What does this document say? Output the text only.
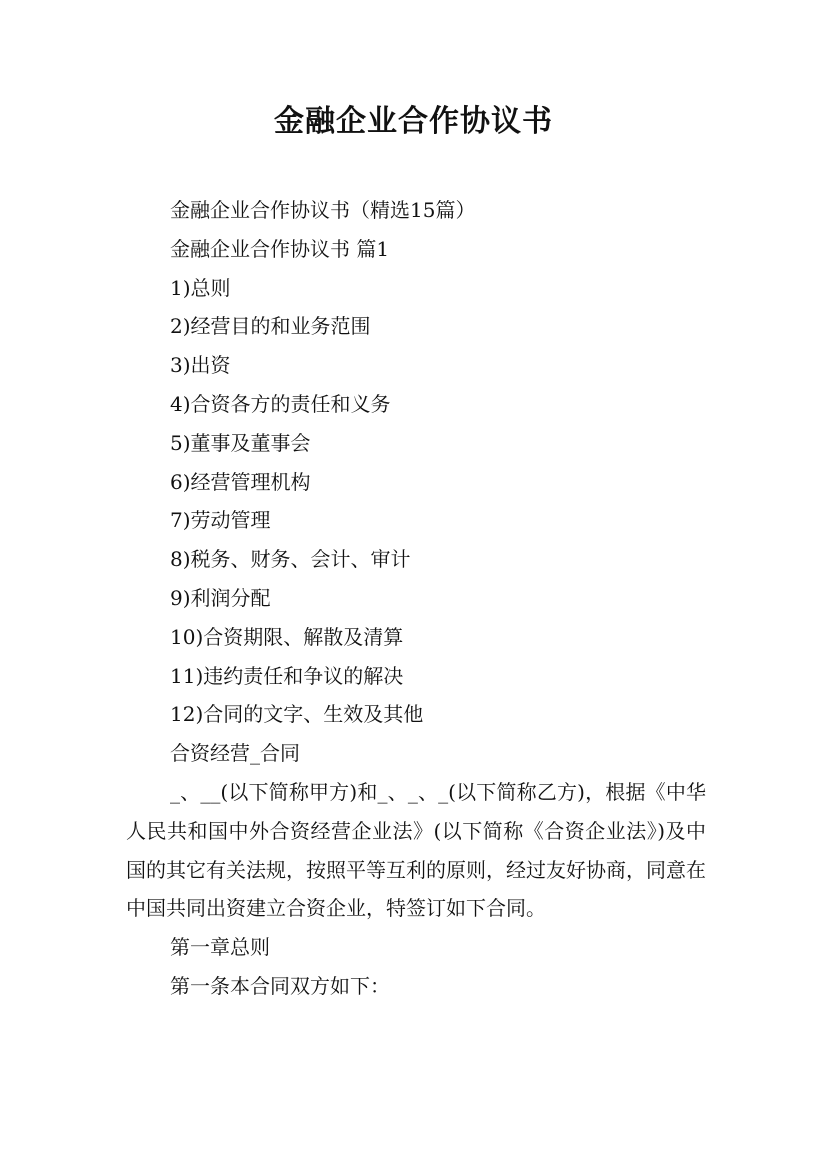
金融企业合作协议书

金融企业合作协议书（精选15篇）

金融企业合作协议书 篇1

1)总则

2)经营目的和业务范围

3)出资

4)合资各方的责任和义务

5)董事及董事会

6)经营管理机构

7)劳动管理

8)税务、财务、会计、审计

9)利润分配

10)合资期限、解散及清算

11)违约责任和争议的解决

12)合同的文字、生效及其他

合资经营_合同

_、__(以下简称甲方)和_、_、_(以下简称乙方)，根据《中华人民共和国中外合资经营企业法》(以下简称《合资企业法》)及中国的其它有关法规，按照平等互利的原则，经过友好协商，同意在中国共同出资建立合资企业，特签订如下合同。

第一章总则

第一条本合同双方如下：
